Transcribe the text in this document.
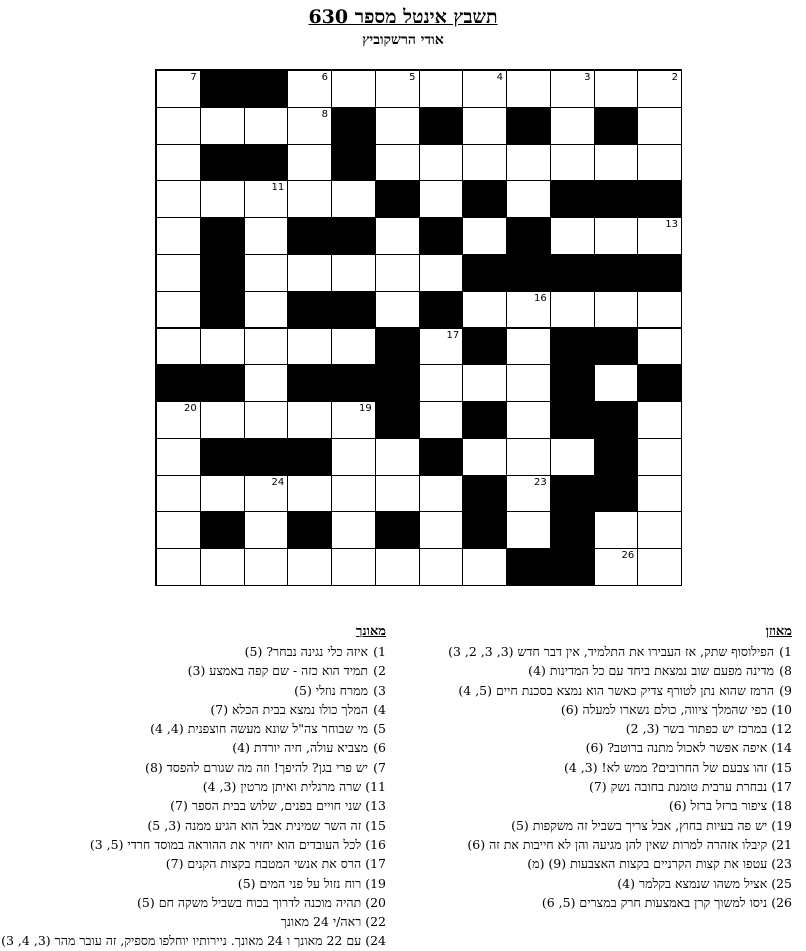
תשבץ אינטל מספר 630
אודי הרשקוביץ
7	6	5	4	3	2
8
11	10
13
14
16
17
18
20	19
22
24	23
26
מאוזן
1) הפילוסוף שתק, אז העבירו את התלמיד, אין דבר חדש (3, 3, 2, 3)
8) מדינה מפעם שוב נמצאת ביחד עם כל המדינות (4)
9) הרמז שהוא נתן לטורף צדיק כאשר הוא נמצא בסכנת חיים (5, 4)
10) כפי שהמלך ציווה, כולם נשארו למעלה (6)
12) במרכז יש כפתור בשר (3, 2)
14) איפה אפשר לאכול מתנה ברוטב? (6)
15) זהו צבעם של החרובים? ממש לא! (3, 4)
17) נבחרת ערבית טומנת בחובה נשק (7)
18) ציפור ברזל ברזל (6)
19) יש פה בעיות בחוץ, אבל צריך בשביל זה משקפות (5)
21) קיבלו אזהרה למרות שאין להן מגיעה והן לא חייבות את זה (6)
23) עטפו את קצות הקרניים בקצות האצבעות (9) (מ)
25) אציל משהו שנמצא בקלמר (4)
26) ניסו למשוך קרן באמצעות חרק במצרים (5, 6)
מאונך
1) איזה כלי נגינה נבחר? (5)
2) תמיד הוא כזה - שם קפה באמצע (3)
3) ממרח נוזלי (5)
4) המלך כולו נמצא בבית הכלא (7)
5) מי שבוחר צה"ל שונא מעשה חוצפנית (4, 4)
6) מצביא עולה, חיה יורדת (4)
7) יש פרי בגן? להיפך! וזה מה שגורם להפסד (8)
11) שרה מרגלית ואיתן מרטין (3, 4)
13) שני חויים בפנים, שלוש בבית הספר (7)
15) זה השר שמינית אבל הוא הגיע ממנה (3, 5)
16) לכל העובדים הוא יחזיר את ההוראה במוסד חרדי (5, 3)
17) הרס את אנשי המטבח בקצות הקנים (7)
19) רוח נזול על פני המים (5)
20) תהיה מוכנה לדרוך בכוח בשביל משקה חם (5)
22) ראה/י 24 מאונך
24) עם 22 מאונך ו 24 מאונך. ניירותיו יוחלפו מספיק, זה עובר מהר (3, 4, 3)
